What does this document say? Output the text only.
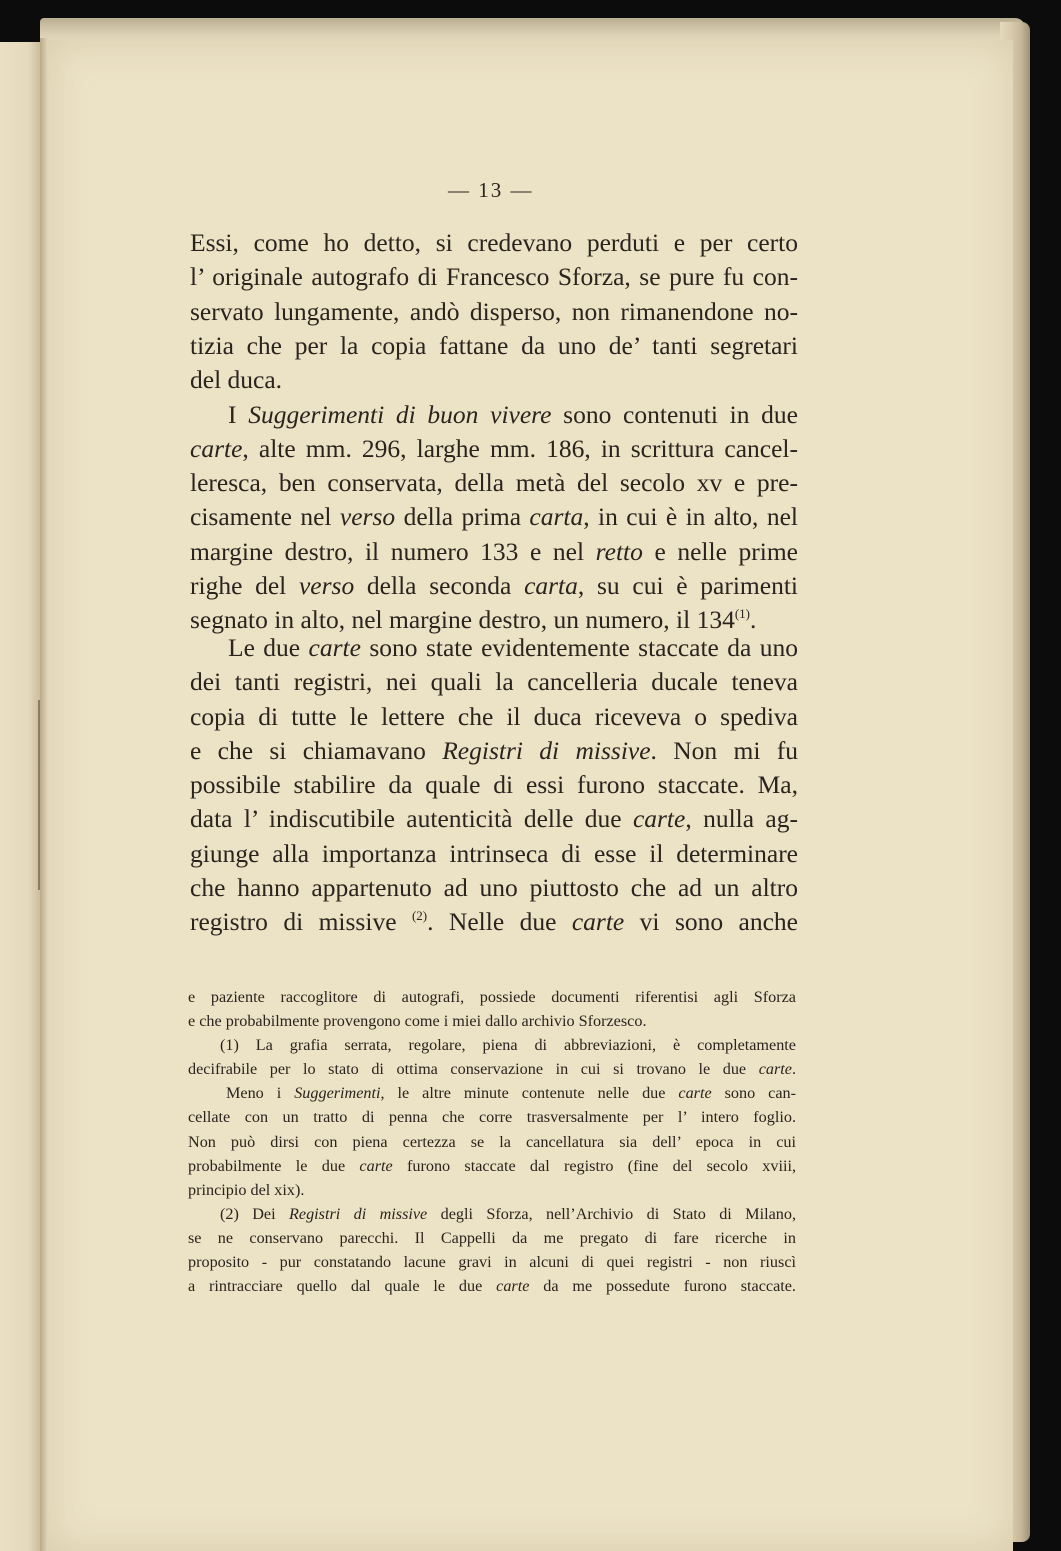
— 13 —
Essi, come ho detto, si credevano perduti e per certo
l’ originale autografo di Francesco Sforza, se pure fu con-
servato lungamente, andò disperso, non rimanendone no-
tizia che per la copia fattane da uno de’ tanti segretari
del duca.
I Suggerimenti di buon vivere sono contenuti in due
carte, alte mm. 296, larghe mm. 186, in scrittura cancel-
leresca, ben conservata, della metà del secolo xv e pre-
cisamente nel verso della prima carta, in cui è in alto, nel
margine destro, il numero 133 e nel retto e nelle prime
righe del verso della seconda carta, su cui è parimenti
segnato in alto, nel margine destro, un numero, il 134$^{(1)}$.
Le due carte sono state evidentemente staccate da uno
dei tanti registri, nei quali la cancelleria ducale teneva
copia di tutte le lettere che il duca riceveva o spediva
e che si chiamavano Registri di missive. Non mi fu
possibile stabilire da quale di essi furono staccate. Ma,
data l’ indiscutibile autenticità delle due carte, nulla ag-
giunge alla importanza intrinseca di esse il determinare
che hanno appartenuto ad uno piuttosto che ad un altro
registro di missive $^{(2)}$. Nelle due carte vi sono anche
e paziente raccoglitore di autografi, possiede documenti riferentisi agli Sforza
e che probabilmente provengono come i miei dallo archivio Sforzesco.
(1) La grafia serrata, regolare, piena di abbreviazioni, è completamente
decifrabile per lo stato di ottima conservazione in cui si trovano le due carte.
Meno i Suggerimenti, le altre minute contenute nelle due carte sono can-
cellate con un tratto di penna che corre trasversalmente per l’ intero foglio.
Non può dirsi con piena certezza se la cancellatura sia dell’ epoca in cui
probabilmente le due carte furono staccate dal registro (fine del secolo xviii,
principio del xix).
(2) Dei Registri di missive degli Sforza, nell’Archivio di Stato di Milano,
se ne conservano parecchi. Il Cappelli da me pregato di fare ricerche in
proposito - pur constatando lacune gravi in alcuni di quei registri - non riuscì
a rintracciare quello dal quale le due carte da me possedute furono staccate.
